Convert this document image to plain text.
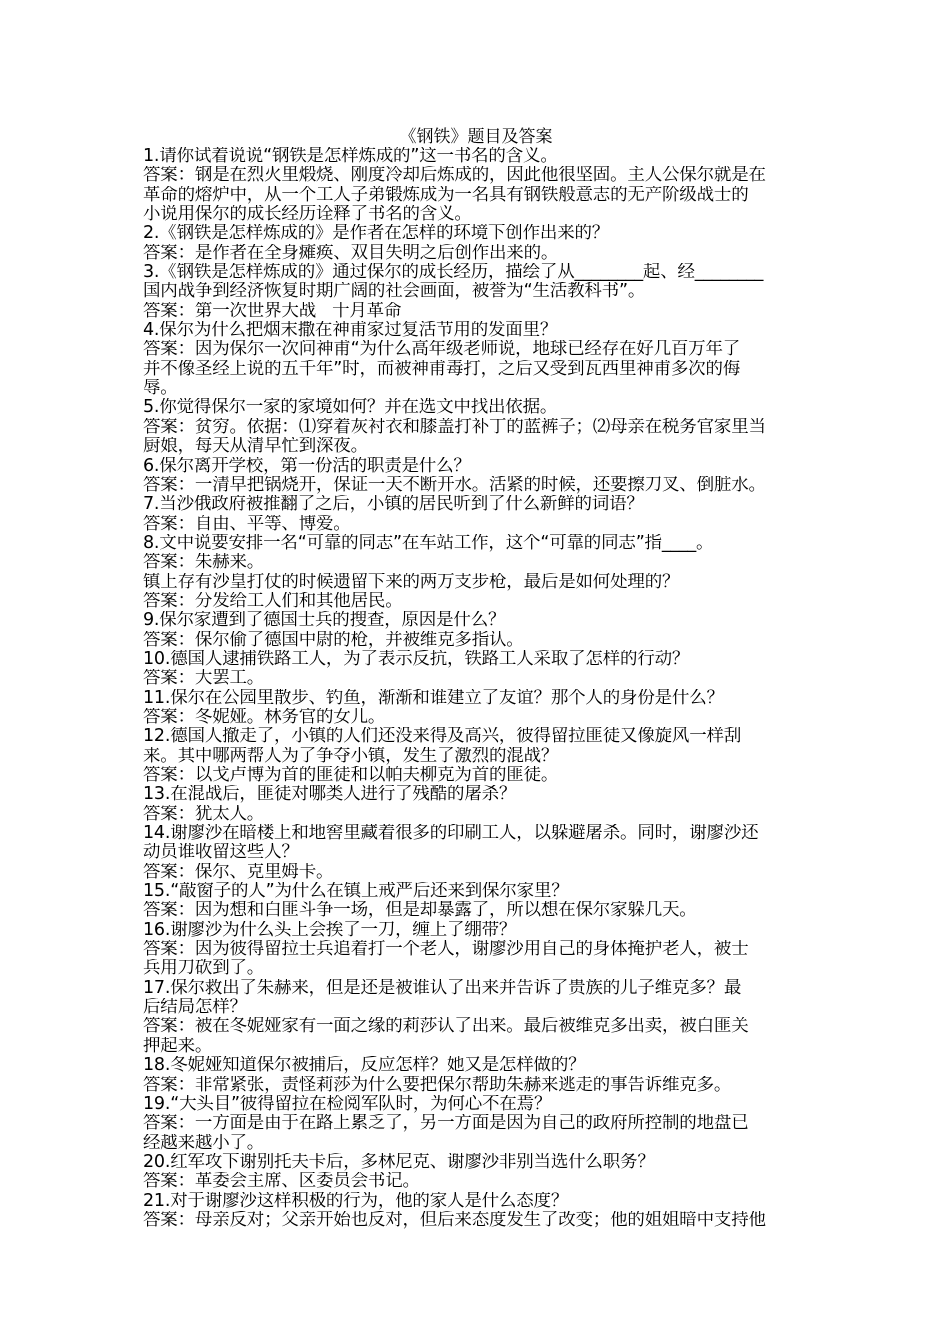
《钢铁》题目及答案
1.请你试着说说“钢铁是怎样炼成的”这一书名的含义。
答案：钢是在烈火里煅烧、刚度冷却后炼成的，因此他很坚固。主人公保尔就是在
革命的熔炉中，从一个工人子弟锻炼成为一名具有钢铁般意志的无产阶级战士的
小说用保尔的成长经历诠释了书名的含义。
2.《钢铁是怎样炼成的》是作者在怎样的环境下创作出来的？
答案：是作者在全身瘫痪、双目失明之后创作出来的。
3.《钢铁是怎样炼成的》通过保尔的成长经历，描绘了从________起、经________
国内战争到经济恢复时期广阔的社会画面，被誉为“生活教科书”。
答案：第一次世界大战   十月革命
4.保尔为什么把烟末撒在神甫家过复活节用的发面里？
答案：因为保尔一次问神甫“为什么高年级老师说，地球已经存在好几百万年了
并不像圣经上说的五千年”时，而被神甫毒打，之后又受到瓦西里神甫多次的侮
辱。
5.你觉得保尔一家的家境如何？并在选文中找出依据。
答案：贫穷。依据：⑴穿着灰衬衣和膝盖打补丁的蓝裤子；⑵母亲在税务官家里当
厨娘，每天从清早忙到深夜。
6.保尔离开学校，第一份活的职责是什么？
答案：一清早把锅烧开，保证一天不断开水。活紧的时候，还要擦刀叉、倒脏水。
7.当沙俄政府被推翻了之后，小镇的居民听到了什么新鲜的词语？
答案：自由、平等、博爱。
8.文中说要安排一名“可靠的同志”在车站工作，这个“可靠的同志”指____。
答案：朱赫来。
镇上存有沙皇打仗的时候遗留下来的两万支步枪，最后是如何处理的？
答案：分发给工人们和其他居民。
9.保尔家遭到了德国士兵的搜查，原因是什么？
答案：保尔偷了德国中尉的枪，并被维克多指认。
10.德国人逮捕铁路工人，为了表示反抗，铁路工人采取了怎样的行动？
答案：大罢工。
11.保尔在公园里散步、钓鱼，渐渐和谁建立了友谊？那个人的身份是什么？
答案：冬妮娅。林务官的女儿。
12.德国人撤走了，小镇的人们还没来得及高兴，彼得留拉匪徒又像旋风一样刮
来。其中哪两帮人为了争夺小镇，发生了激烈的混战？
答案：以戈卢博为首的匪徒和以帕夫柳克为首的匪徒。
13.在混战后，匪徒对哪类人进行了残酷的屠杀？
答案：犹太人。
14.谢廖沙在暗楼上和地窖里藏着很多的印刷工人，以躲避屠杀。同时，谢廖沙还
动员谁收留这些人？
答案：保尔、克里姆卡。
15.“敲窗子的人”为什么在镇上戒严后还来到保尔家里？
答案：因为想和白匪斗争一场，但是却暴露了，所以想在保尔家躲几天。
16.谢廖沙为什么头上会挨了一刀，缠上了绷带？
答案：因为彼得留拉士兵追着打一个老人，谢廖沙用自己的身体掩护老人，被士
兵用刀砍到了。
17.保尔救出了朱赫来，但是还是被谁认了出来并告诉了贵族的儿子维克多？最
后结局怎样？
答案：被在冬妮娅家有一面之缘的莉莎认了出来。最后被维克多出卖，被白匪关
押起来。
18.冬妮娅知道保尔被捕后，反应怎样？她又是怎样做的？
答案：非常紧张，责怪莉莎为什么要把保尔帮助朱赫来逃走的事告诉维克多。
19.“大头目”彼得留拉在检阅军队时，为何心不在焉？
答案：一方面是由于在路上累乏了，另一方面是因为自己的政府所控制的地盘已
经越来越小了。
20.红军攻下谢别托夫卡后，多林尼克、谢廖沙非别当选什么职务？
答案：革委会主席、区委员会书记。
21.对于谢廖沙这样积极的行为，他的家人是什么态度？
答案：母亲反对；父亲开始也反对，但后来态度发生了改变；他的姐姐暗中支持他
